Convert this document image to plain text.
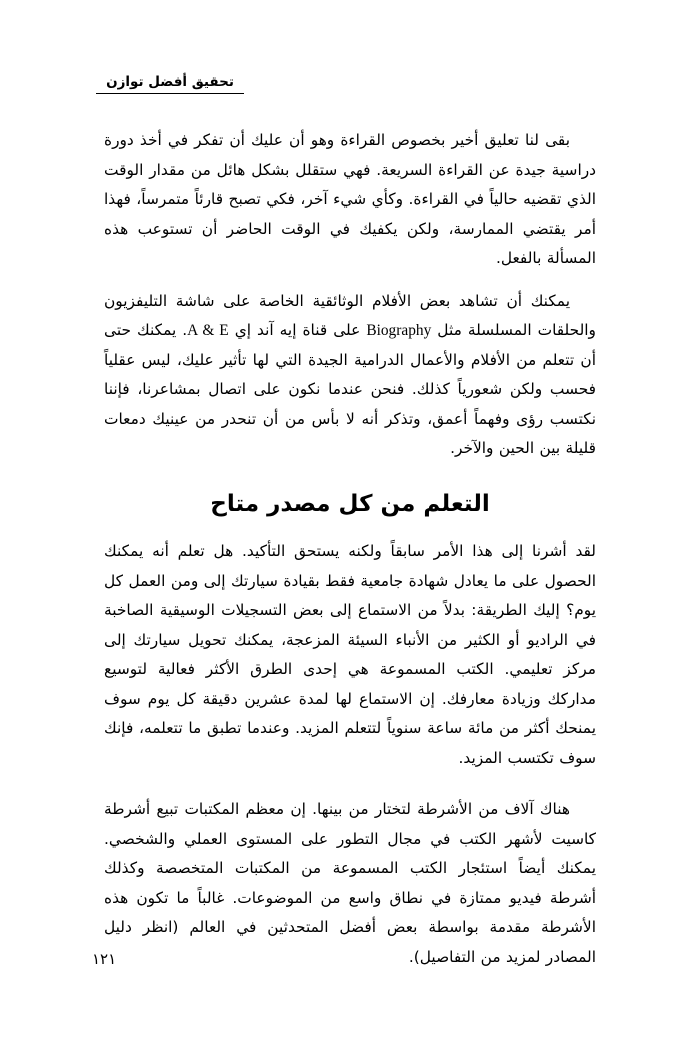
تحقيق أفضل توازن

بقى لنا تعليق أخير بخصوص القراءة وهو أن عليك أن تفكر في أخذ دورة دراسية جيدة عن القراءة السريعة. فهي ستقلل بشكل هائل من مقدار الوقت الذي تقضيه حالياً في القراءة. وكأي شيء آخر، فكي تصبح قارئاً متمرساً، فهذا أمر يقتضي الممارسة، ولكن يكفيك في الوقت الحاضر أن تستوعب هذه المسألة بالفعل.

يمكنك أن تشاهد بعض الأفلام الوثائقية الخاصة على شاشة التليفزيون والحلقات المسلسلة مثل Biography على قناة إيه آند إي A & E. يمكنك حتى أن تتعلم من الأفلام والأعمال الدرامية الجيدة التي لها تأثير عليك، ليس عقلياً فحسب ولكن شعورياً كذلك. فنحن عندما نكون على اتصال بمشاعرنا، فإننا نكتسب رؤى وفهماً أعمق، وتذكر أنه لا بأس من أن تنحدر من عينيك دمعات قليلة بين الحين والآخر.

التعلم من كل مصدر متاح

لقد أشرنا إلى هذا الأمر سابقاً ولكنه يستحق التأكيد. هل تعلم أنه يمكنك الحصول على ما يعادل شهادة جامعية فقط بقيادة سيارتك إلى ومن العمل كل يوم؟ إليك الطريقة: بدلاً من الاستماع إلى بعض التسجيلات الوسيقية الصاخبة في الراديو أو الكثير من الأنباء السيئة المزعجة، يمكنك تحويل سيارتك إلى مركز تعليمي. الكتب المسموعة هي إحدى الطرق الأكثر فعالية لتوسيع مداركك وزيادة معارفك. إن الاستماع لها لمدة عشرين دقيقة كل يوم سوف يمنحك أكثر من مائة ساعة سنوياً لتتعلم المزيد. وعندما تطبق ما تتعلمه، فإنك سوف تكتسب المزيد.

هناك آلاف من الأشرطة لتختار من بينها. إن معظم المكتبات تبيع أشرطة كاسيت لأشهر الكتب في مجال التطور على المستوى العملي والشخصي. يمكنك أيضاً استئجار الكتب المسموعة من المكتبات المتخصصة وكذلك أشرطة فيديو ممتازة في نطاق واسع من الموضوعات. غالباً ما تكون هذه الأشرطة مقدمة بواسطة بعض أفضل المتحدثين في العالم (انظر دليل المصادر لمزيد من التفاصيل).

١٢١
